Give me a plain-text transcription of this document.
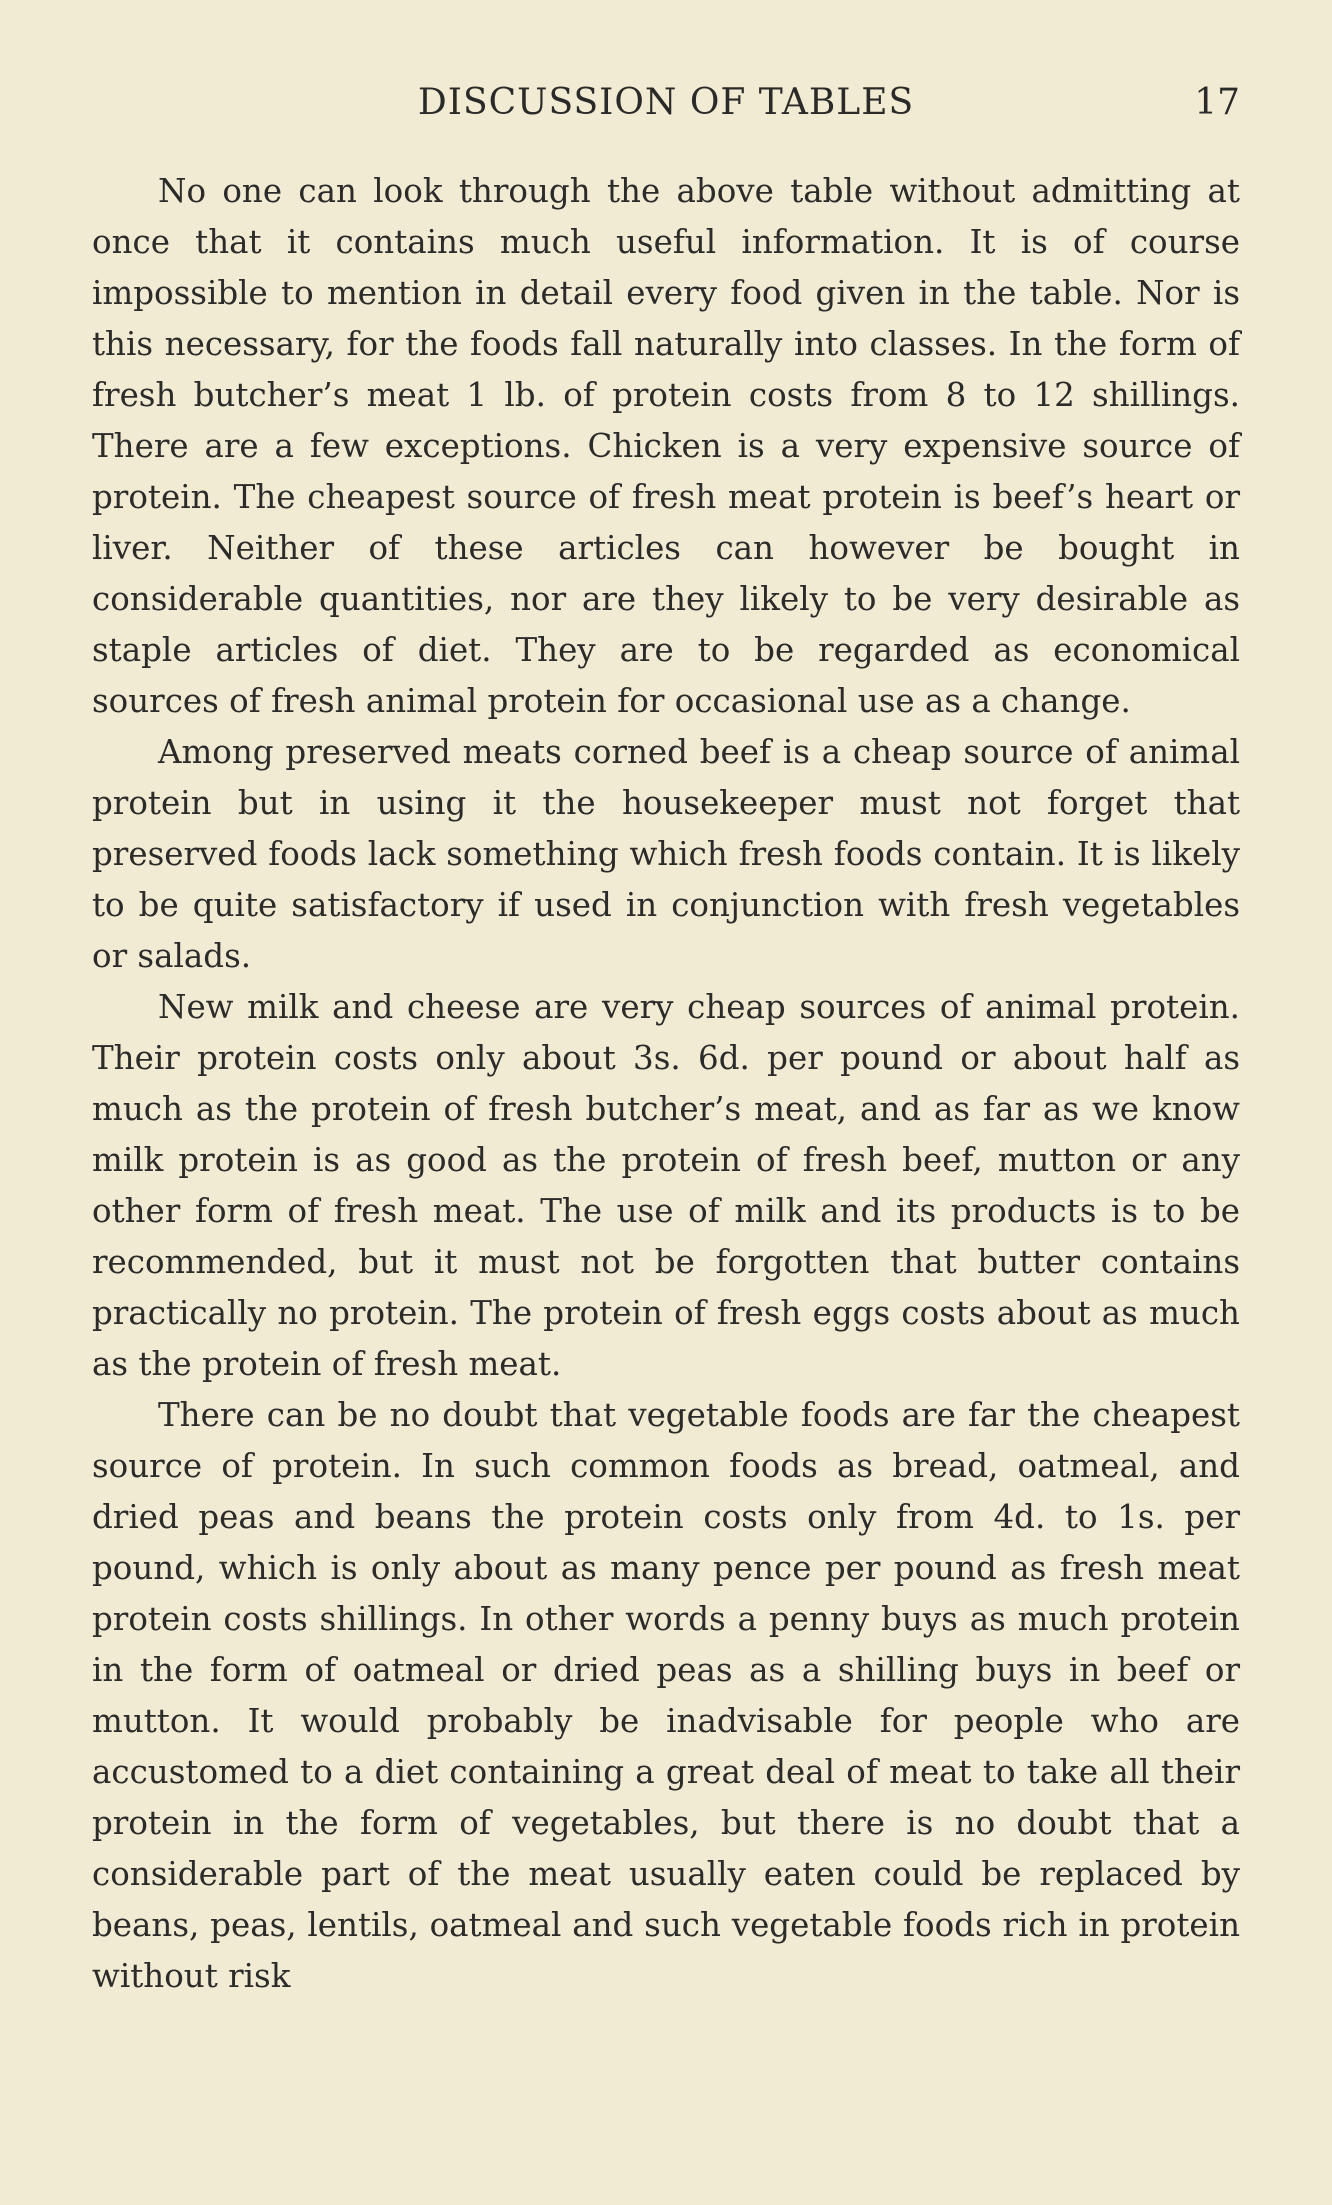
DISCUSSION OF TABLES	17

No one can look through the above table without admitting at once that it contains much useful information. It is of course impossible to mention in detail every food given in the table. Nor is this necessary, for the foods fall naturally into classes. In the form of fresh butcher’s meat 1 lb. of protein costs from 8 to 12 shillings. There are a few exceptions. Chicken is a very expensive source of protein. The cheapest source of fresh meat protein is beef’s heart or liver. Neither of these articles can however be bought in considerable quantities, nor are they likely to be very desirable as staple articles of diet. They are to be regarded as economical sources of fresh animal protein for occasional use as a change.

Among preserved meats corned beef is a cheap source of animal protein but in using it the housekeeper must not forget that preserved foods lack something which fresh foods contain. It is likely to be quite satisfactory if used in conjunction with fresh vegetables or salads.

New milk and cheese are very cheap sources of animal protein. Their protein costs only about 3s. 6d. per pound or about half as much as the protein of fresh butcher’s meat, and as far as we know milk protein is as good as the protein of fresh beef, mutton or any other form of fresh meat. The use of milk and its products is to be recommended, but it must not be forgotten that butter contains practically no protein. The protein of fresh eggs costs about as much as the protein of fresh meat.

There can be no doubt that vegetable foods are far the cheapest source of protein. In such common foods as bread, oatmeal, and dried peas and beans the protein costs only from 4d. to 1s. per pound, which is only about as many pence per pound as fresh meat protein costs shillings. In other words a penny buys as much protein in the form of oatmeal or dried peas as a shilling buys in beef or mutton. It would probably be inadvisable for people who are accustomed to a diet containing a great deal of meat to take all their protein in the form of vegetables, but there is no doubt that a considerable part of the meat usually eaten could be replaced by beans, peas, lentils, oatmeal and such vegetable foods rich in protein without risk
